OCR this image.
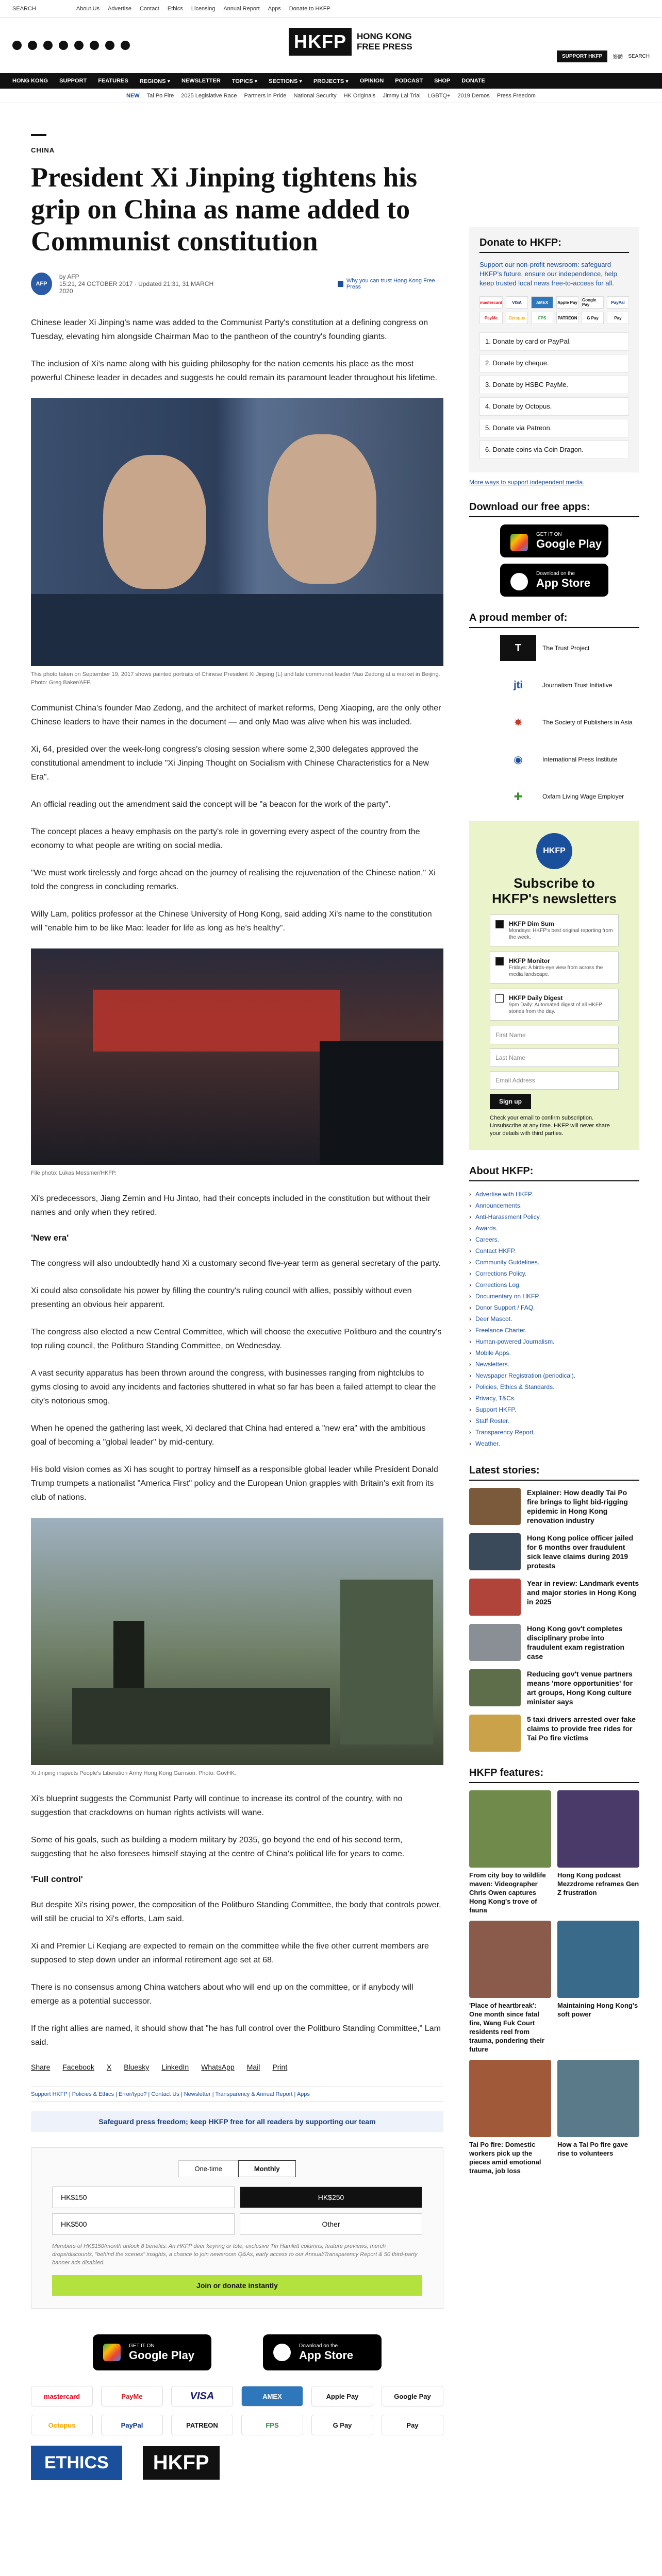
SEARCH	About Us Advertise Contact Ethics Licensing Annual Report Apps Donate to HKFP
HKFP	HONG KONG
FREE PRESS
SUPPORT HKFP	繁體 SEARCH
HONG KONG SUPPORT FEATURES REGIONS ▾ NEWSLETTER TOPICS ▾ SECTIONS ▾ PROJECTS ▾ OPINION PODCAST SHOP DONATE
NEW Tai Po Fire 2025 Legislative Race Partners in Pride National Security HK Originals Jimmy Lai Trial LGBTQ+ 2019 Demos Press Freedom
CHINA
President Xi Jinping tightens his grip on China as name added to Communist constitution
AFP
by AFP
15:21, 24 OCTOBER 2017 · Updated 21:31, 31 MARCH 2020
Why you can trust Hong Kong Free Press

Chinese leader Xi Jinping's name was added to the Communist Party's constitution at a defining congress on Tuesday, elevating him alongside Chairman Mao to the pantheon of the country's founding giants.

The inclusion of Xi's name along with his guiding philosophy for the nation cements his place as the most powerful Chinese leader in decades and suggests he could remain its paramount leader throughout his lifetime.

This photo taken on September 19, 2017 shows painted portraits of Chinese President Xi Jinping (L) and late communist leader Mao Zedong at a market in Beijing. Photo: Greg Baker/AFP.

Communist China's founder Mao Zedong, and the architect of market reforms, Deng Xiaoping, are the only other Chinese leaders to have their names in the document — and only Mao was alive when his was included.

Xi, 64, presided over the week-long congress's closing session where some 2,300 delegates approved the constitutional amendment to include "Xi Jinping Thought on Socialism with Chinese Characteristics for a New Era".

An official reading out the amendment said the concept will be "a beacon for the work of the party".

The concept places a heavy emphasis on the party's role in governing every aspect of the country from the economy to what people are writing on social media.

"We must work tirelessly and forge ahead on the journey of realising the rejuvenation of the Chinese nation," Xi told the congress in concluding remarks.

Willy Lam, politics professor at the Chinese University of Hong Kong, said adding Xi's name to the constitution will "enable him to be like Mao: leader for life as long as he's healthy".

File photo: Lukas Messmer/HKFP.

Xi's predecessors, Jiang Zemin and Hu Jintao, had their concepts included in the constitution but without their names and only when they retired.

'New era'

The congress will also undoubtedly hand Xi a customary second five-year term as general secretary of the party.

Xi could also consolidate his power by filling the country's ruling council with allies, possibly without even presenting an obvious heir apparent.

The congress also elected a new Central Committee, which will choose the executive Politburo and the country's top ruling council, the Politburo Standing Committee, on Wednesday.

A vast security apparatus has been thrown around the congress, with businesses ranging from nightclubs to gyms closing to avoid any incidents and factories shuttered in what so far has been a failed attempt to clear the city's notorious smog.

When he opened the gathering last week, Xi declared that China had entered a "new era" with the ambitious goal of becoming a "global leader" by mid-century.

His bold vision comes as Xi has sought to portray himself as a responsible global leader while President Donald Trump trumpets a nationalist "America First" policy and the European Union grapples with Britain's exit from its club of nations.

Xi Jinping inspects People's Liberation Army Hong Kong Garrison. Photo: GovHK.

Xi's blueprint suggests the Communist Party will continue to increase its control of the country, with no suggestion that crackdowns on human rights activists will wane.

Some of his goals, such as building a modern military by 2035, go beyond the end of his second term, suggesting that he also foresees himself staying at the centre of China's political life for years to come.

'Full control'

But despite Xi's rising power, the composition of the Politburo Standing Committee, the body that controls power, will still be crucial to Xi's efforts, Lam said.

Xi and Premier Li Keqiang are expected to remain on the committee while the five other current members are supposed to step down under an informal retirement age set at 68.

There is no consensus among China watchers about who will end up on the committee, or if anybody will emerge as a potential successor.

If the right allies are named, it should show that "he has full control over the Politburo Standing Committee," Lam said.

Share Facebook X Bluesky LinkedIn WhatsApp Mail Print
Support HKFP | Policies & Ethics | Error/typo? | Contact Us | Newsletter | Transparency & Annual Report | Apps
Safeguard press freedom; keep HKFP free for all readers by supporting our team
One-time	Monthly
HK$150	HK$250
HK$500	Other
Members of HK$150/month unlock 8 benefits: An HKFP deer keyring or tote, exclusive Tin Hamlett columns, feature previews, merch drops/discounts, "behind the scenes" insights, a chance to join newsroom Q&As, early access to our Annual/Transparency Report & 50 third-party banner ads disabled.
Join or donate instantly
GET IT ON
Google Play
Download on the
App Store
mastercard	PayMe	VISA	AMEX	Apple Pay	Google Pay
Octopus	PayPal	PATREON	FPS	G Pay	Pay
ETHICS	HKFP
Donate to HKFP:
Support our non-profit newsroom: safeguard HKFP's future, ensure our independence, help keep trusted local news free-to-access for all.
mastercard	VISA	AMEX	Apple Pay Google Pay	PayPal
PayMe	Octopus	FPS	PATREON	G Pay	Pay
1. Donate by card or PayPal.
2. Donate by cheque.
3. Donate by HSBC PayMe.
4. Donate by Octopus.
5. Donate via Patreon.
6. Donate coins via Coin Dragon.
More ways to support independent media.
Download our free apps:
GET IT ON
Google Play
Download on the
App Store
A proud member of:
T	The Trust Project
jti	Journalism Trust Initiative
✸	The Society of Publishers in Asia
◉	International Press Institute
✚	Oxfam Living Wage Employer
HKFP
Subscribe to HKFP's newsletters
HKFP Dim Sum
Mondays: HKFP's best original reporting from the week.
HKFP Monitor
Fridays: A birds-eye view from across the media landscape.
HKFP Daily Digest
9pm Daily: Automated digest of all HKFP stories from the day.
First Name
Last Name
Email Address
Sign up
Check your email to confirm subscription. Unsubscribe at any time. HKFP will never share your details with third parties.
About HKFP:
› Advertise with HKFP.
› Announcements.
› Anti-Harassment Policy.
› Awards.
› Careers.
› Contact HKFP.
› Community Guidelines.
› Corrections Policy.
› Corrections Log.
› Documentary on HKFP.
› Donor Support / FAQ.
› Deer Mascot.
› Freelance Charter.
› Human-powered Journalism.
› Mobile Apps.
› Newsletters.
› Newspaper Registration (periodical).
› Policies, Ethics & Standards.
› Privacy, T&Cs.
› Support HKFP.
› Staff Roster.
› Transparency Report.
› Weather.
Latest stories:
Explainer: How deadly Tai Po fire brings to light bid-rigging epidemic in Hong Kong renovation industry
Hong Kong police officer jailed for 6 months over fraudulent sick leave claims during 2019 protests
Year in review: Landmark events and major stories in Hong Kong in 2025
Hong Kong gov't completes disciplinary probe into fraudulent exam registration case
Reducing gov't venue partners means 'more opportunities' for art groups, Hong Kong culture minister says
5 taxi drivers arrested over fake claims to provide free rides for Tai Po fire victims
HKFP features:
From city boy to wildlife maven: Videographer Chris Owen captures Hong Kong's trove of fauna
Hong Kong podcast Mezzdrome reframes Gen Z frustration
'Place of heartbreak': One month since fatal fire, Wang Fuk Court residents reel from trauma, pondering their future
Maintaining Hong Kong's soft power
Tai Po fire: Domestic workers pick up the pieces amid emotional trauma, job loss
How a Tai Po fire gave rise to volunteers
